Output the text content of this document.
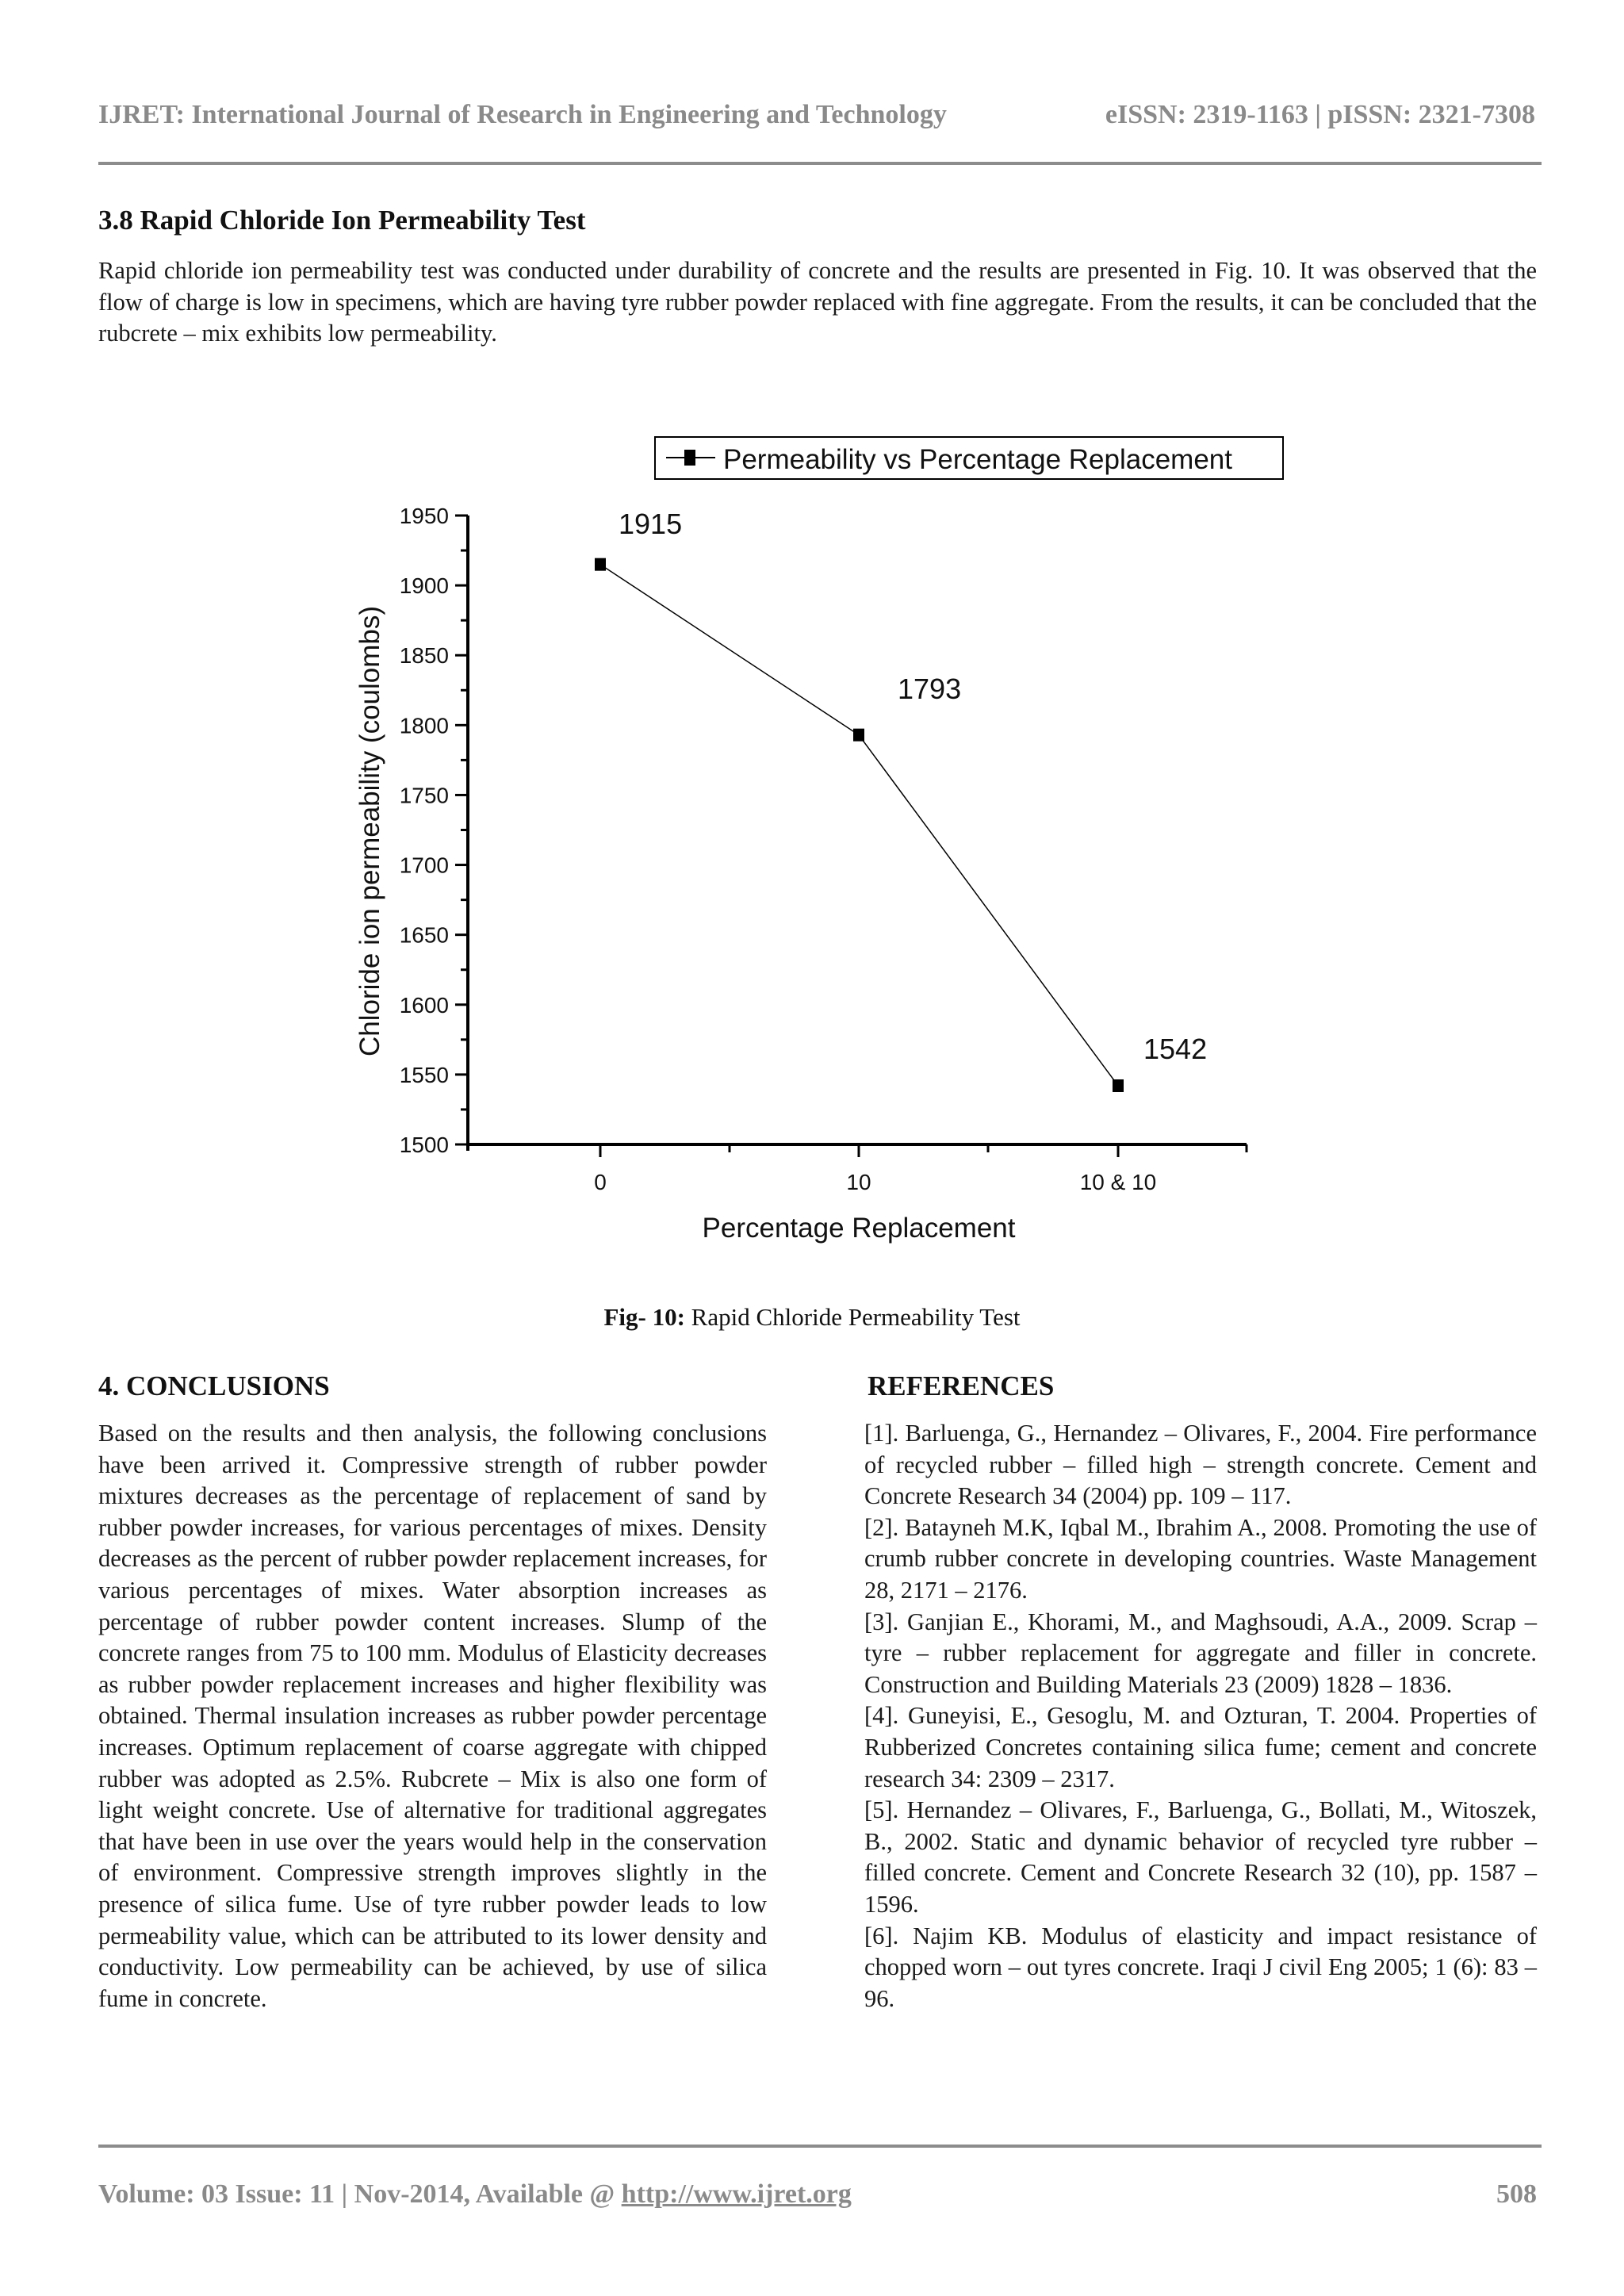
IJRET: International Journal of Research in Engineering and Technology	eISSN: 2319-1163 | pISSN: 2321-7308
3.8 Rapid Chloride Ion Permeability Test
Rapid chloride ion permeability test was conducted under durability of concrete and the results are presented in Fig. 10. It was observed that the flow of charge is low in specimens, which are having tyre rubber powder replaced with fine aggregate. From the results, it can be concluded that the rubcrete – mix exhibits low permeability.
1500
1550
1600
1650
1700
1750
1800
1850
1900
1950
0	10	10 & 10
Percentage Replacement
Chloride ion permeability (coulombs)
1915
1793
1542
Permeability vs Percentage Replacement
Fig- 10: Rapid Chloride Permeability Test
4. CONCLUSIONS
Based on the results and then analysis, the following conclusions have been arrived it. Compressive strength of rubber powder mixtures decreases as the percentage of replacement of sand by rubber powder increases, for various percentages of mixes. Density decreases as the percent of rubber powder replacement increases, for various percentages of mixes. Water absorption increases as percentage of rubber powder content increases. Slump of the concrete ranges from 75 to 100 mm. Modulus of Elasticity decreases as rubber powder replacement increases and higher flexibility was obtained. Thermal insulation increases as rubber powder percentage increases. Optimum replacement of coarse aggregate with chipped rubber was adopted as 2.5%. Rubcrete – Mix is also one form of light weight concrete. Use of alternative for traditional aggregates that have been in use over the years would help in the conservation of environment. Compressive strength improves slightly in the presence of silica fume. Use of tyre rubber powder leads to low permeability value, which can be attributed to its lower density and conductivity. Low permeability can be achieved, by use of silica fume in concrete.
REFERENCES

[1]. Barluenga, G., Hernandez – Olivares, F., 2004. Fire performance of recycled rubber – filled high – strength concrete. Cement and Concrete Research 34 (2004) pp. 109 – 117.

[2]. Batayneh M.K, Iqbal M., Ibrahim A., 2008. Promoting the use of crumb rubber concrete in developing countries. Waste Management 28, 2171 – 2176.

[3]. Ganjian E., Khorami, M., and Maghsoudi, A.A., 2009. Scrap – tyre – rubber replacement for aggregate and filler in concrete. Construction and Building Materials 23 (2009) 1828 – 1836.

[4]. Guneyisi, E., Gesoglu, M. and Ozturan, T. 2004. Properties of Rubberized Concretes containing silica fume; cement and concrete research 34: 2309 – 2317.

[5]. Hernandez – Olivares, F., Barluenga, G., Bollati, M., Witoszek, B., 2002. Static and dynamic behavior of recycled tyre rubber – filled concrete. Cement and Concrete Research 32 (10), pp. 1587 – 1596.

[6]. Najim KB. Modulus of elasticity and impact resistance of chopped worn – out tyres concrete. Iraqi J civil Eng 2005; 1 (6): 83 – 96.

Volume: 03 Issue: 11 | Nov-2014, Available @ http://www.ijret.org	508
